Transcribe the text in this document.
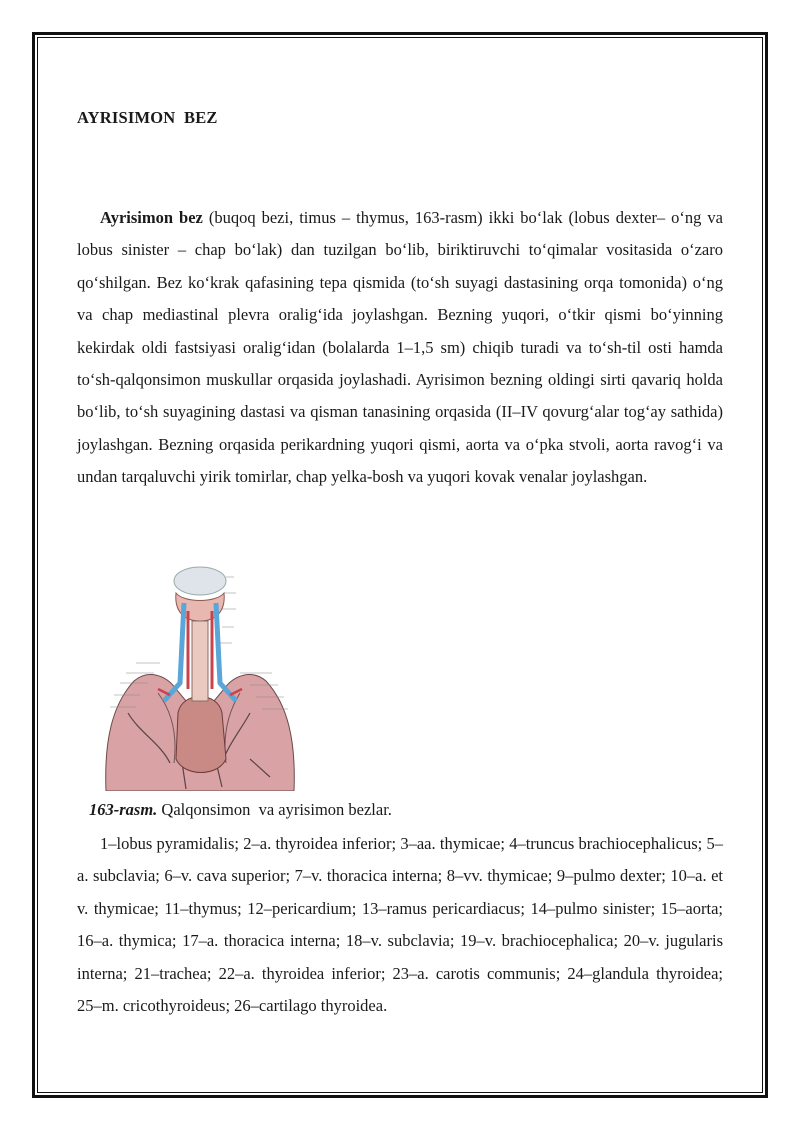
AYRISIMON  BEZ

Ayrisimon bez (buqoq bezi, timus – thymus, 163-rasm) ikki bo‘lak (lobus dexter– o‘ng va lobus sinister – chap bo‘lak) dan tuzilgan bo‘lib, biriktiruvchi to‘qimalar vositasida o‘zaro qo‘shilgan. Bez ko‘krak qafasining tepa qismida (to‘sh suyagi dastasining orqa tomonida) o‘ng va chap mediastinal plevra oralig‘ida joylashgan. Bezning yuqori, o‘tkir qismi bo‘yinning kekirdak oldi fastsiyasi oralig‘idan (bolalarda 1–1,5 sm) chiqib turadi va to‘sh-til osti hamda to‘sh-qalqonsimon muskullar orqasida joylashadi. Ayrisimon bezning oldingi sirti qavariq holda bo‘lib, to‘sh suyagining dastasi va qisman tanasining orqasida (II–IV qovurg‘alar tog‘ay sathida) joylashgan. Bezning orqasida perikardning yuqori qismi, aorta va o‘pka stvoli, aorta ravog‘i va undan tarqaluvchi yirik tomirlar, chap yelka-bosh va yuqori kovak venalar joylashgan.

163-rasm. Qalqonsimon  va ayrisimon bezlar.

1–lobus pyramidalis; 2–a. thyroidea inferior; 3–aa. thymicae; 4–truncus brachiocephalicus; 5–a. subclavia; 6–v. cava superior; 7–v. thoracica interna; 8–vv. thymicae; 9–pulmo dexter; 10–a. et v. thymicae; 11–thymus; 12–pericardium; 13–ramus pericardiacus; 14–pulmo sinister; 15–aorta; 16–a. thymica; 17–a. thoracica interna; 18–v. subclavia; 19–v. brachiocephalica; 20–v. jugularis interna; 21–trachea; 22–a. thyroidea inferior; 23–a. carotis communis; 24–glandula thyroidea; 25–m. cricothyroideus; 26–cartilago thyroidea.
